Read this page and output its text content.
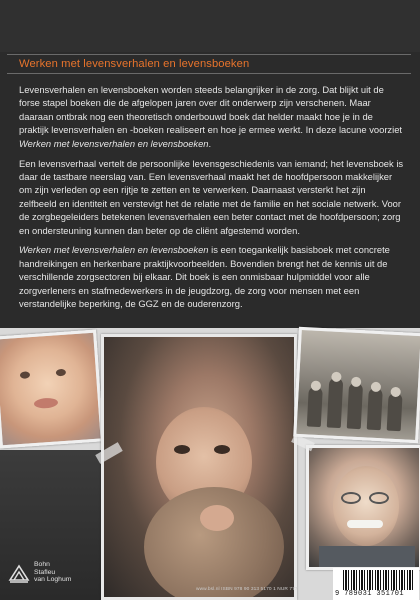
Werken met levensverhalen en levensboeken

Levensverhalen en levensboeken worden steeds belangrijker in de zorg. Dat blijkt uit de forse stapel boeken die de afgelopen jaren over dit onderwerp zijn verschenen. Maar daaraan ontbrak nog een theoretisch onderbouwd boek dat helder maakt hoe je in de praktijk levensverhalen en -boeken realiseert en hoe je ermee werkt. In deze lacune voorziet Werken met levensverhalen en levensboeken.

Een levensverhaal vertelt de persoonlijke levensgeschiedenis van iemand; het levensboek is daar de tastbare neerslag van. Een levensverhaal maakt het de hoofdpersoon makkelijker om zijn verleden op een rijtje te zetten en te verwerken. Daarnaast versterkt het zijn zelfbeeld en identiteit en verstevigt het de relatie met de familie en het sociale netwerk. Voor de zorgbegeleiders betekenen levensverhalen een beter contact met de hoofdpersoon; zorg en ondersteuning kunnen dan beter op de cliënt afgestemd worden.

Werken met levensverhalen en levensboeken is een toegankelijk basisboek met concrete handreikingen en herkenbare praktijkvoorbeelden. Bovendien brengt het de kennis uit de verschillende zorgsectoren bij elkaar. Dit boek is een onmisbaar hulpmiddel voor alle zorgverleners en stafmedewerkers in de jeugdzorg, de zorg voor mensen met een verstandelijke beperking, de GGZ en de ouderenzorg.

Bohn
Stafleu
van Loghum
www.bsl.nl ISBN 978 90 313 5170 1 NUR 777
9 789031 351701
